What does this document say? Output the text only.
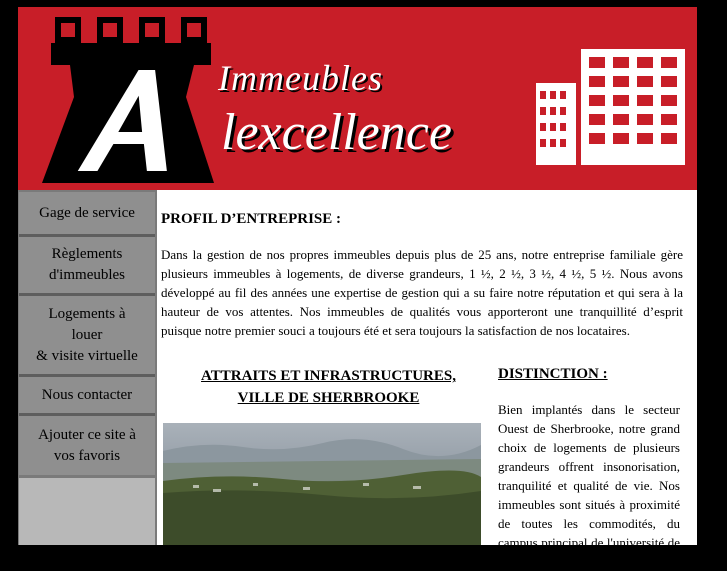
Immeubles
lexcellence
Gage de service
Règlements
d'immeubles
Logements à
louer
& visite virtuelle
Nous contacter
Ajouter ce site à
vos favoris
PROFIL D’ENTREPRISE :
Dans la gestion de nos propres immeubles depuis plus de 25 ans, notre entreprise familiale gère plusieurs immeubles à logements, de diverse grandeurs, 1 ½, 2 ½, 3 ½, 4 ½, 5 ½. Nous avons développé au fil des années une expertise de gestion qui a su faire notre réputation et qui sera à la hauteur de vos attentes. Nos immeubles de qualités vous apporteront une tranquillité d’esprit puisque notre premier souci a toujours été et sera toujours la satisfaction de nos locataires.
ATTRAITS ET INFRASTRUCTURES,
VILLE DE SHERBROOKE
DISTINCTION :
Bien implantés dans le secteur Ouest de Sherbrooke, notre grand choix de logements de plusieurs grandeurs offrent insonorisation, tranquilité et qualité de vie. Nos immeubles sont situés à proximité de toutes les commodités, du campus principal de l'université de Sherbrooke, des principaux
